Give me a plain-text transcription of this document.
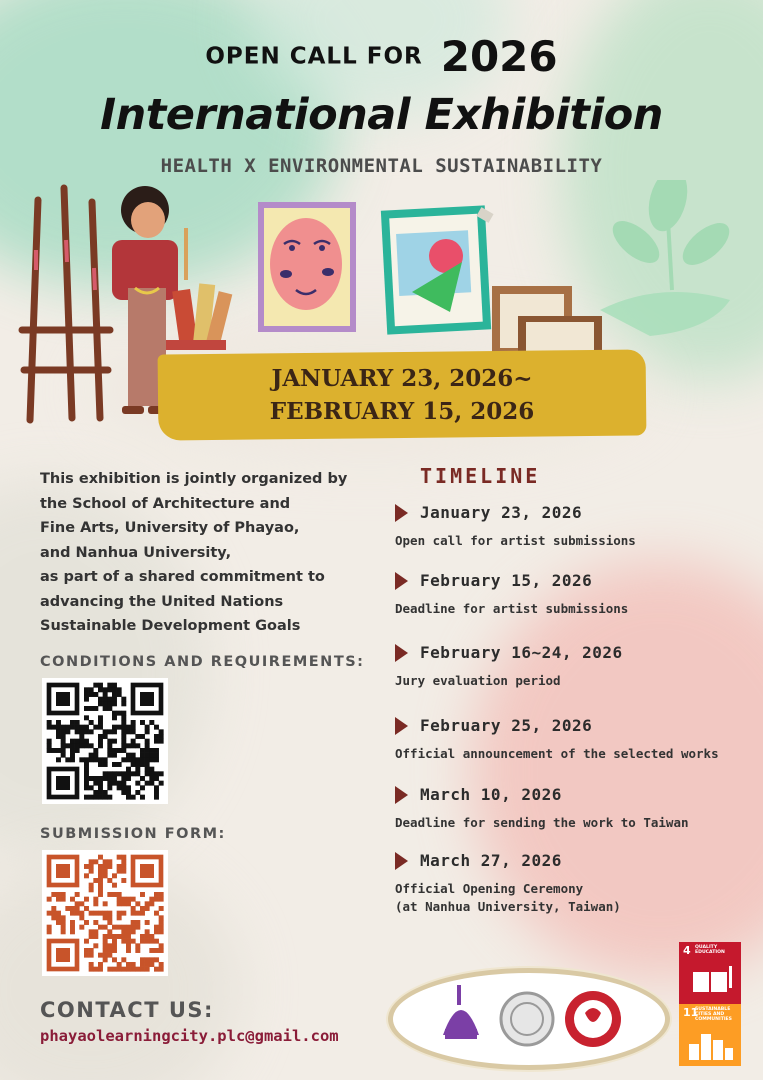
OPEN CALL FOR 2026
International Exhibition
HEALTH X ENVIRONMENTAL SUSTAINABILITY
JANUARY 23, 2026~
FEBRUARY 15, 2026
This exhibition is jointly organized by
the School of Architecture and
Fine Arts, University of Phayao,
and Nanhua University,
as part of a shared commitment to
advancing the United Nations
Sustainable Development Goals
CONDITIONS AND REQUIREMENTS:
SUBMISSION FORM:
CONTACT US:
phayaolearningcity.plc@gmail.com
TIMELINE
January 23, 2026
Open call for artist submissions
February 15, 2026
Deadline for artist submissions
February 16~24, 2026
Jury evaluation period
February 25, 2026
Official announcement of the selected works
March 10, 2026
Deadline for sending the work to Taiwan
March 27, 2026
Official Opening Ceremony
(at Nanhua University, Taiwan)
4 QUALITY EDUCATION
11
SUSTAINABLE CITIES AND COMMUNITIES
